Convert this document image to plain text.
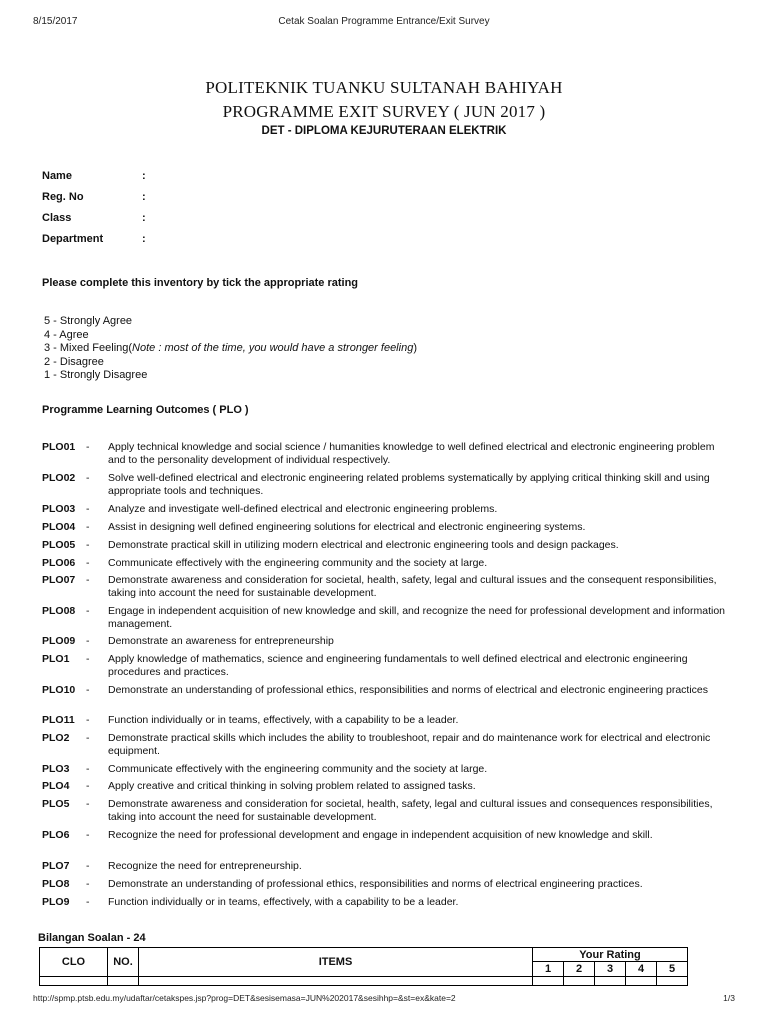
8/15/2017	Cetak Soalan Programme Entrance/Exit Survey
POLITEKNIK TUANKU SULTANAH BAHIYAH
PROGRAMME EXIT SURVEY ( JUN 2017 )
DET - DIPLOMA KEJURUTERAAN ELEKTRIK
Name	:
Reg. No	:
Class	:
Department	:
Please complete this inventory by tick the appropriate rating
5 - Strongly Agree
4 - Agree
3 - Mixed Feeling(Note : most of the time, you would have a stronger feeling)
2 - Disagree
1 - Strongly Disagree
Programme Learning Outcomes ( PLO )
PLO01 - Apply technical knowledge and social science / humanities knowledge to well defined electrical and electronic engineering problem and to the personality development of individual respectively.
PLO02 - Solve well-defined electrical and electronic engineering related problems systematically by applying critical thinking skill and using appropriate tools and techniques.
PLO03 - Analyze and investigate well-defined electrical and electronic engineering problems.
PLO04 - Assist in designing well defined engineering solutions for electrical and electronic engineering systems.
PLO05 - Demonstrate practical skill in utilizing modern electrical and electronic engineering tools and design packages.
PLO06 - Communicate effectively with the engineering community and the society at large.
PLO07 - Demonstrate awareness and consideration for societal, health, safety, legal and cultural issues and the consequent responsibilities, taking into account the need for sustainable development.
PLO08 - Engage in independent acquisition of new knowledge and skill, and recognize the need for professional development and information management.
PLO09 - Demonstrate an awareness for entrepreneurship
PLO1 - Apply knowledge of mathematics, science and engineering fundamentals to well defined electrical and electronic engineering procedures and practices.
PLO10 - Demonstrate an understanding of professional ethics, responsibilities and norms of electrical and electronic engineering practices
PLO11 - Function individually or in teams, effectively, with a capability to be a leader.
PLO2 - Demonstrate practical skills which includes the ability to troubleshoot, repair and do maintenance work for electrical and electronic equipment.
PLO3 - Communicate effectively with the engineering community and the society at large.
PLO4 - Apply creative and critical thinking in solving problem related to assigned tasks.
PLO5 - Demonstrate awareness and consideration for societal, health, safety, legal and cultural issues and consequences responsibilities, taking into account the need for sustainable development.
PLO6 - Recognize the need for professional development and engage in independent acquisition of new knowledge and skill.
PLO7 - Recognize the need for entrepreneurship.
PLO8 - Demonstrate an understanding of professional ethics, responsibilities and norms of electrical engineering practices.
PLO9 - Function individually or in teams, effectively, with a capability to be a leader.
Bilangan Soalan - 24
CLO	NO.	ITEMS	Your Rating				
			1	2	3	4	5

http://spmp.ptsb.edu.my/udaftar/cetakspes.jsp?prog=DET&sesisemasa=JUN%202017&sesihhp=&st=ex&kate=2	1/3
